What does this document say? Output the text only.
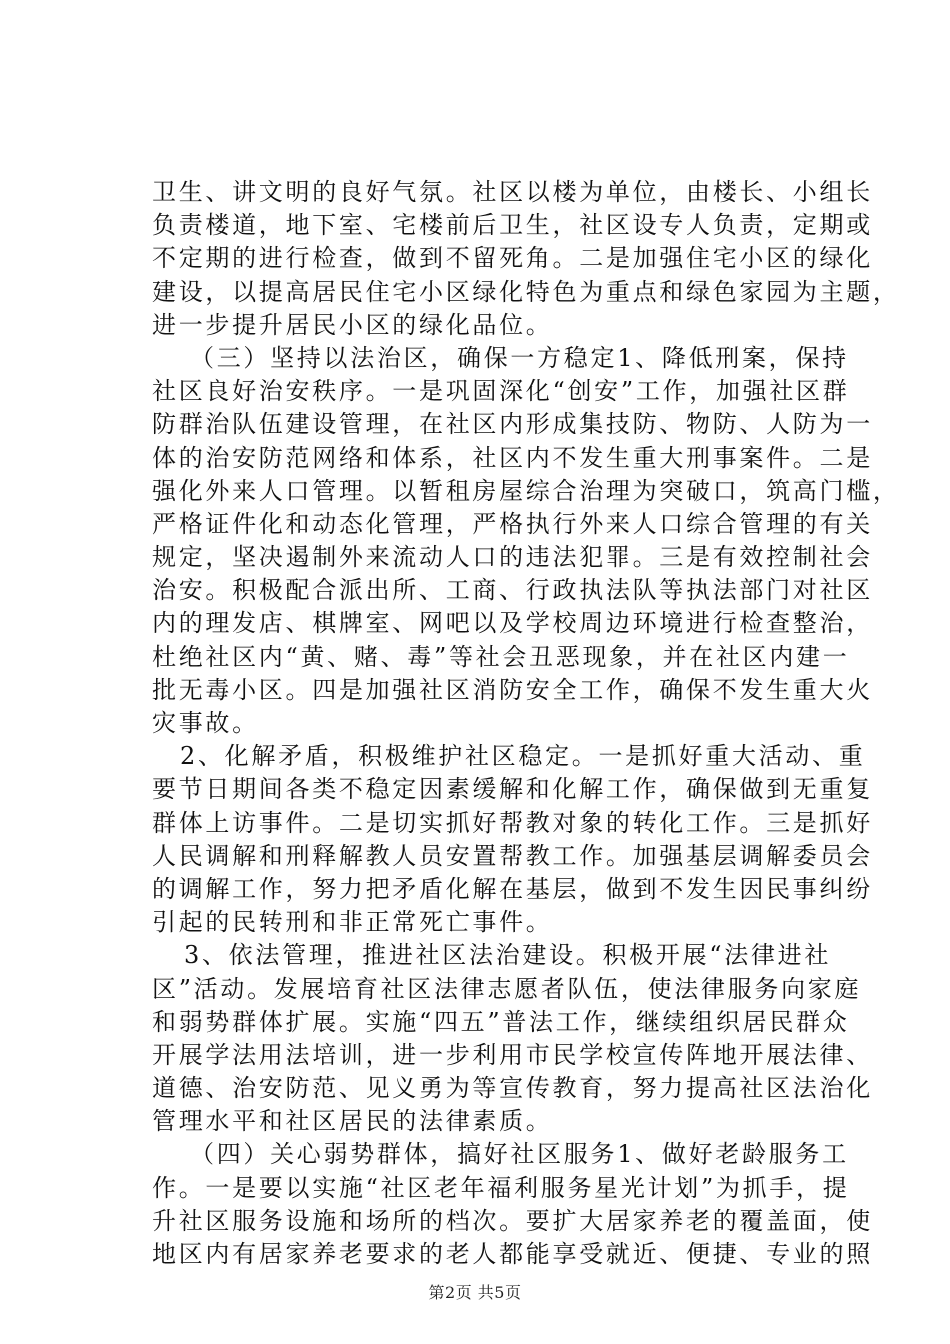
卫生、讲文明的良好气氛。社区以楼为单位，由楼长、小组长
负责楼道，地下室、宅楼前后卫生，社区设专人负责，定期或
不定期的进行检查，做到不留死角。二是加强住宅小区的绿化
建设，以提高居民住宅小区绿化特色为重点和绿色家园为主题，
进一步提升居民小区的绿化品位。
（三）坚持以法治区，确保一方稳定1、降低刑案，保持
社区良好治安秩序。一是巩固深化“创安”工作，加强社区群
防群治队伍建设管理，在社区内形成集技防、物防、人防为一
体的治安防范网络和体系，社区内不发生重大刑事案件。二是
强化外来人口管理。以暂租房屋综合治理为突破口，筑高门槛，
严格证件化和动态化管理，严格执行外来人口综合管理的有关
规定，坚决遏制外来流动人口的违法犯罪。三是有效控制社会
治安。积极配合派出所、工商、行政执法队等执法部门对社区
内的理发店、棋牌室、网吧以及学校周边环境进行检查整治，
杜绝社区内“黄、赌、毒”等社会丑恶现象，并在社区内建一
批无毒小区。四是加强社区消防安全工作，确保不发生重大火
灾事故。
2、化解矛盾，积极维护社区稳定。一是抓好重大活动、重
要节日期间各类不稳定因素缓解和化解工作，确保做到无重复
群体上访事件。二是切实抓好帮教对象的转化工作。三是抓好
人民调解和刑释解教人员安置帮教工作。加强基层调解委员会
的调解工作，努力把矛盾化解在基层，做到不发生因民事纠纷
引起的民转刑和非正常死亡事件。
3、依法管理，推进社区法治建设。积极开展“法律进社
区”活动。发展培育社区法律志愿者队伍，使法律服务向家庭
和弱势群体扩展。实施“四五”普法工作，继续组织居民群众
开展学法用法培训，进一步利用市民学校宣传阵地开展法律、
道德、治安防范、见义勇为等宣传教育，努力提高社区法治化
管理水平和社区居民的法律素质。
（四）关心弱势群体，搞好社区服务1、做好老龄服务工
作。一是要以实施“社区老年福利服务星光计划”为抓手，提
升社区服务设施和场所的档次。要扩大居家养老的覆盖面，使
地区内有居家养老要求的老人都能享受就近、便捷、专业的照
第2页 共5页
